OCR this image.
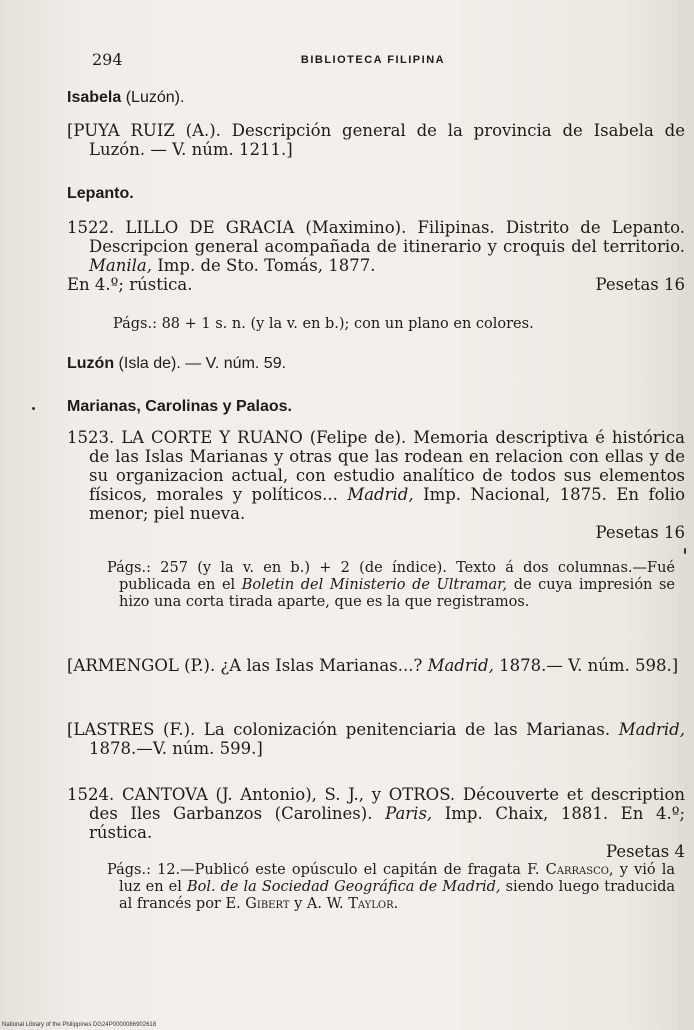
294	BIBLIOTECA FILIPINA
Isabela (Luzón).
[PUYA RUIZ (A.). Descripción general de la provincia de Isabela de Luzón. — V. núm. 1211.]
Lepanto.
1522. LILLO DE GRACIA (Maximino). Filipinas. Distrito de Lepanto. Descripcion general acompañada de itinerario y croquis del territorio. Manila, Imp. de Sto. Tomás, 1877.
En 4.º; rústica.	Pesetas 16
Págs.: 88 + 1 s. n. (y la v. en b.); con un plano en colores.
Luzón (Isla de). — V. núm. 59.
Marianas, Carolinas y Palaos.
1523. LA CORTE Y RUANO (Felipe de). Memoria descriptiva é histórica de las Islas Marianas y otras que las rodean en relacion con ellas y de su organizacion actual, con estudio analítico de todos sus elementos físicos, morales y políticos... Madrid, Imp. Nacional, 1875. En folio menor; piel nueva.
Pesetas 16
Págs.: 257 (y la v. en b.) + 2 (de índice). Texto á dos columnas.—Fué publicada en el Boletin del Ministerio de Ultramar, de cuya impresión se hizo una corta tirada aparte, que es la que registramos.
[ARMENGOL (P.). ¿A las Islas Marianas...? Madrid, 1878.— V. núm. 598.]
[LASTRES (F.). La colonización penitenciaria de las Marianas. Madrid, 1878.—V. núm. 599.]
1524. CANTOVA (J. Antonio), S. J., y OTROS. Découverte et description des Iles Garbanzos (Carolines). Paris, Imp. Chaix, 1881. En 4.º; rústica.
Pesetas 4
Págs.: 12.—Publicó este opúsculo el capitán de fragata F. Carrasco, y vió la luz en el Bol. de la Sociedad Geográfica de Madrid, siendo luego traducida al francés por E. Gibert y A. W. Taylor.
National Library of the Philippines DG24P0000086902618
